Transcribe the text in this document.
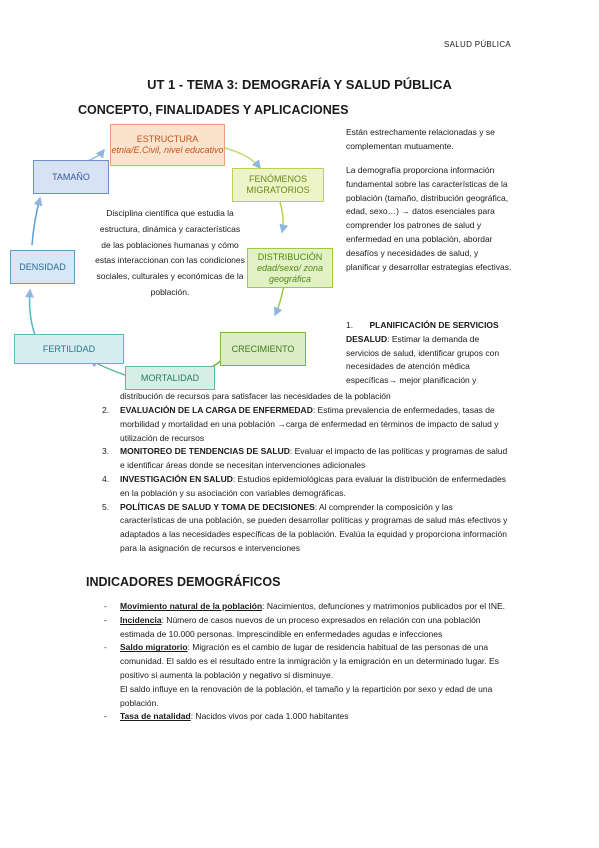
SALUD PÚBLICA
UT 1 - TEMA 3: DEMOGRAFÍA Y SALUD PÚBLICA
CONCEPTO, FINALIDADES Y APLICACIONES
ESTRUCTURA
etnia/E.Civil, nivel educativo
FENÓMENOS MIGRATORIOS
DISTRIBUCIÓN
edad/sexo/ zona geográfica
CRECIMIENTO
MORTALIDAD
FERTILIDAD
DENSIDAD
TAMAÑO
Disciplina científica que estudia la estructura, dinámica y características de las poblaciones humanas y cómo estas interaccionan con las condiciones sociales, culturales y económicas de la población.
Están estrechamente relacionadas y se complementan mutuamente.
La demografía proporciona información fundamental sobre las características de la población (tamaño, distribución geográfica, edad, sexo…) → datos esenciales para comprender los patrones de salud y enfermedad en una población, abordar desafíos y necesidades de salud, y planificar y desarrollar estrategias efectivas.
1. PLANIFICACIÓN DE SERVICIOS DESALUD: Estimar la demanda de servicios de salud, identificar grupos con necesidades de atención médica específicas→ mejor planificación y
distribución de recursos para satisfacer las necesidades de la población
2. EVALUACIÓN DE LA CARGA DE ENFERMEDAD: Estima prevalencia de enfermedades, tasas de morbilidad y mortalidad en una población →carga de enfermedad en términos de impacto de salud y utilización de recursos
3. MONITOREO DE TENDENCIAS DE SALUD: Evaluar el impacto de las políticas y programas de salud e identificar áreas donde se necesitan intervenciones adicionales
4. INVESTIGACIÓN EN SALUD: Estudios epidemiológicas para evaluar la distribución de enfermedades en la población y su asociación con variables demográficas.
5. POLÍTICAS DE SALUD Y TOMA DE DECISIONES: Al comprender la composición y las características de una población, se pueden desarrollar políticas y programas de salud más efectivos y adaptados a las necesidades específicas de la población. Evalúa la equidad y proporciona información para la asignación de recursos e intervenciones
INDICADORES DEMOGRÁFICOS
- Movimiento natural de la población: Nacimientos, defunciones y matrimonios publicados por el INE.
- Incidencia: Número de casos nuevos de un proceso expresados en relación con una población estimada de 10.000 personas. Imprescindible en enfermedades agudas e infecciones
- Saldo migratorio: Migración es el cambio de lugar de residencia habitual de las personas de una comunidad. El saldo es el resultado entre la inmigración y la emigración en un determinado lugar. Es positivo si aumenta la población y negativo si disminuye.
El saldo influye en la renovación de la población, el tamaño y la repartición por sexo y edad de una población.
- Tasa de natalidad: Nacidos vivos por cada 1.000 habitantes
